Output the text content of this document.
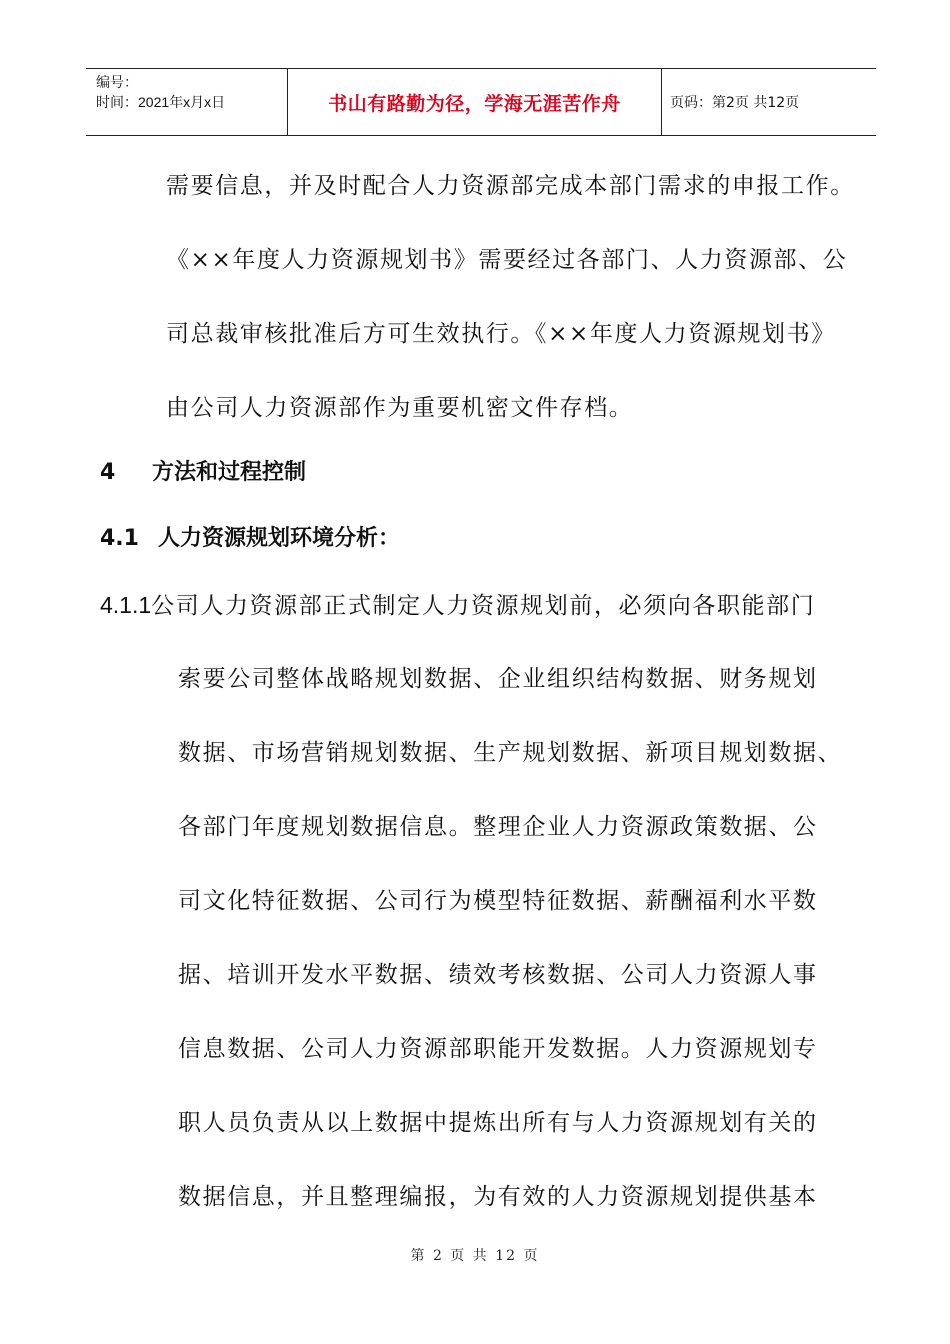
编号：
时间：2021年x月x日	书山有路勤为径，学海无涯苦作舟	页码：第2页 共12页
需要信息，并及时配合人力资源部完成本部门需求的申报工作。
《××年度人力资源规划书》需要经过各部门、人力资源部、公
司总裁审核批准后方可生效执行。《××年度人力资源规划书》
由公司人力资源部作为重要机密文件存档。
4 方法和过程控制
4.1 人力资源规划环境分析：
4.1.1公司人力资源部正式制定人力资源规划前，必须向各职能部门
索要公司整体战略规划数据、企业组织结构数据、财务规划
数据、市场营销规划数据、生产规划数据、新项目规划数据、
各部门年度规划数据信息。整理企业人力资源政策数据、公
司文化特征数据、公司行为模型特征数据、薪酬福利水平数
据、培训开发水平数据、绩效考核数据、公司人力资源人事
信息数据、公司人力资源部职能开发数据。人力资源规划专
职人员负责从以上数据中提炼出所有与人力资源规划有关的
数据信息，并且整理编报，为有效的人力资源规划提供基本
第 2 页 共 12 页
